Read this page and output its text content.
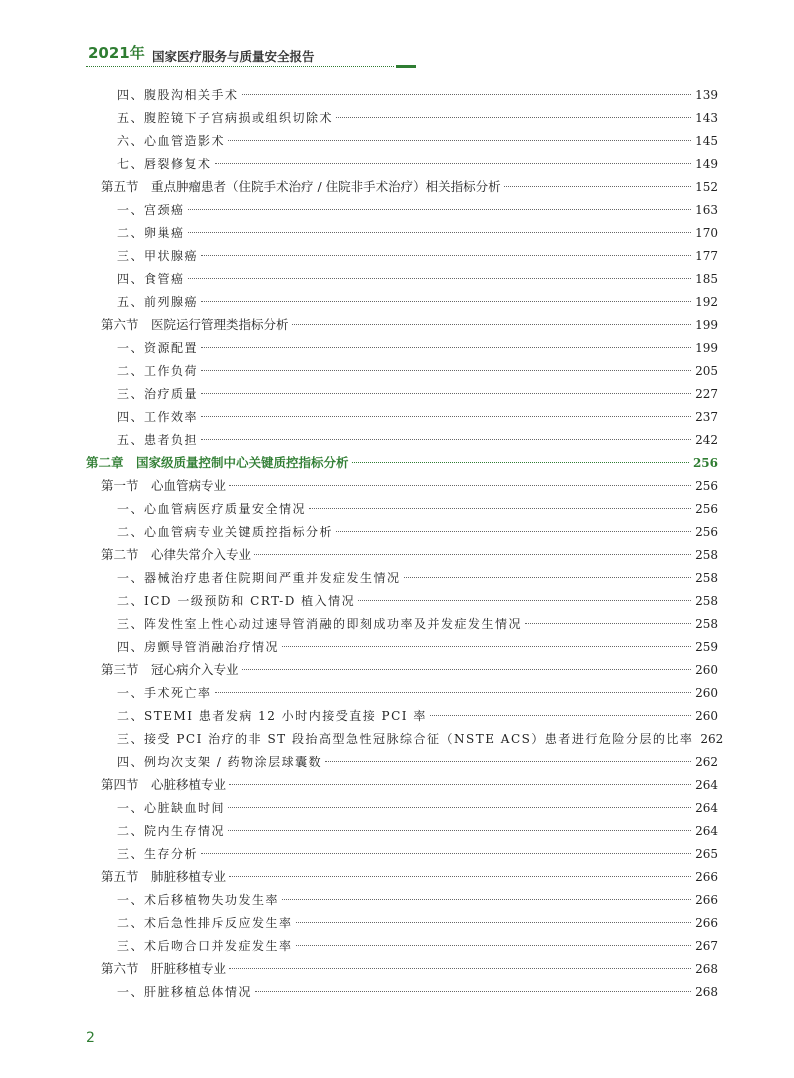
2021年 国家医疗服务与质量安全报告
四、腹股沟相关手术	139
五、腹腔镜下子宫病损或组织切除术	143
六、心血管造影术	145
七、唇裂修复术	149
第五节　重点肿瘤患者（住院手术治疗 / 住院非手术治疗）相关指标分析	152
一、宫颈癌	163
二、卵巢癌	170
三、甲状腺癌	177
四、食管癌	185
五、前列腺癌	192
第六节　医院运行管理类指标分析	199
一、资源配置	199
二、工作负荷	205
三、治疗质量	227
四、工作效率	237
五、患者负担	242
第二章　国家级质量控制中心关键质控指标分析	256
第一节　心血管病专业	256
一、心血管病医疗质量安全情况	256
二、心血管病专业关键质控指标分析	256
第二节　心律失常介入专业	258
一、器械治疗患者住院期间严重并发症发生情况	258
二、ICD 一级预防和 CRT-D 植入情况	258
三、阵发性室上性心动过速导管消融的即刻成功率及并发症发生情况	258
四、房颤导管消融治疗情况	259
第三节　冠心病介入专业	260
一、手术死亡率	260
二、STEMI 患者发病 12 小时内接受直接 PCI 率	260
三、接受 PCI 治疗的非 ST 段抬高型急性冠脉综合征（NSTE ACS）患者进行危险分层的比率 262
四、例均次支架 / 药物涂层球囊数	262
第四节　心脏移植专业	264
一、心脏缺血时间	264
二、院内生存情况	264
三、生存分析	265
第五节　肺脏移植专业	266
一、术后移植物失功发生率	266
二、术后急性排斥反应发生率	266
三、术后吻合口并发症发生率	267
第六节　肝脏移植专业	268
一、肝脏移植总体情况	268
2
